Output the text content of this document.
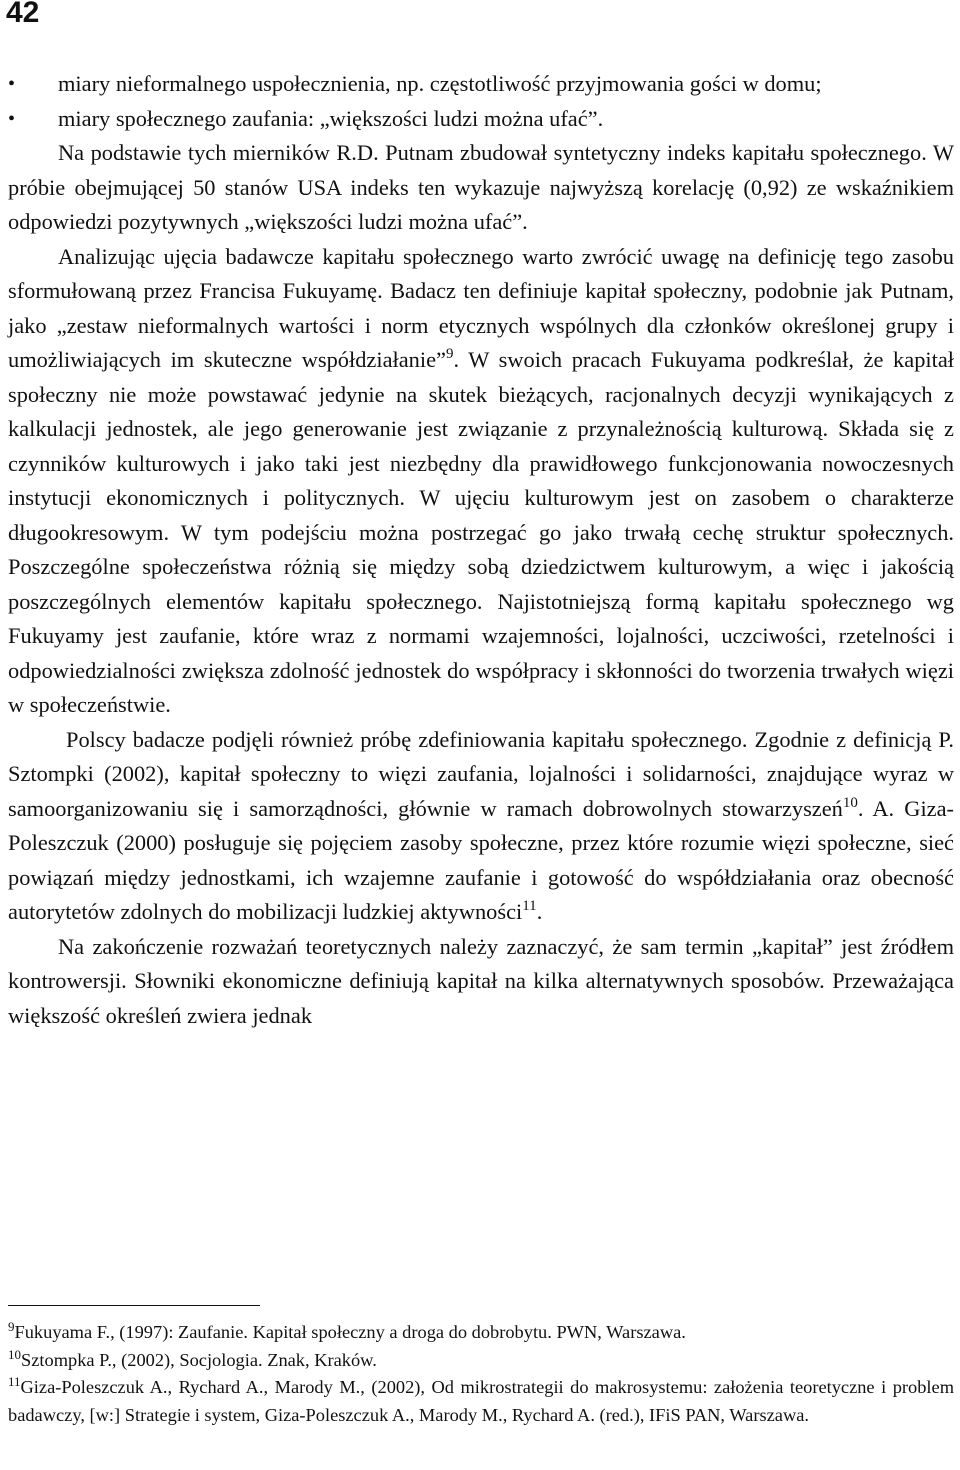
42
• miary nieformalnego uspołecznienia, np. częstotliwość przyjmowania gości w domu;
• miary społecznego zaufania: „większości ludzi można ufać”.

Na podstawie tych mierników R.D. Putnam zbudował syntetyczny indeks kapitału społecznego. W próbie obejmującej 50 stanów USA indeks ten wykazuje najwyższą korelację (0,92) ze wskaźnikiem odpowiedzi pozytywnych „większości ludzi można ufać”.

Analizując ujęcia badawcze kapitału społecznego warto zwrócić uwagę na definicję tego zasobu sformułowaną przez Francisa Fukuyamę. Badacz ten definiuje kapitał społeczny, podobnie jak Putnam, jako „zestaw nieformalnych wartości i norm etycznych wspólnych dla członków określonej grupy i umożliwiających im skuteczne współdziałanie”$^9$. W swoich pracach Fukuyama podkreślał, że kapitał społeczny nie może powstawać jedynie na skutek bieżących, racjonalnych decyzji wynikających z kalkulacji jednostek, ale jego generowanie jest związanie z przynależnością kulturową. Składa się z czynników kulturowych i jako taki jest niezbędny dla prawidłowego funkcjonowania nowoczesnych instytucji ekonomicznych i politycznych. W ujęciu kulturowym jest on zasobem o charakterze długookresowym. W tym podejściu można postrzegać go jako trwałą cechę struktur społecznych. Poszczególne społeczeństwa różnią się między sobą dziedzictwem kulturowym, a więc i jakością poszczególnych elementów kapitału społecznego. Najistotniejszą formą kapitału społecznego wg Fukuyamy jest zaufanie, które wraz z normami wzajemności, lojalności, uczciwości, rzetelności i odpowiedzialności zwiększa zdolność jednostek do współpracy i skłonności do tworzenia trwałych więzi w społeczeństwie.

Polscy badacze podjęli również próbę zdefiniowania kapitału społecznego. Zgodnie z definicją P. Sztompki (2002), kapitał społeczny to więzi zaufania, lojalności i solidarności, znajdujące wyraz w samoorganizowaniu się i samorządności, głównie w ramach dobrowolnych stowarzyszeń$^{10}$. A. Giza-Poleszczuk (2000) posługuje się pojęciem zasoby społeczne, przez które rozumie więzi społeczne, sieć powiązań między jednostkami, ich wzajemne zaufanie i gotowość do współdziałania oraz obecność autorytetów zdolnych do mobilizacji ludzkiej aktywności$^{11}$.

Na zakończenie rozważań teoretycznych należy zaznaczyć, że sam termin „kapitał” jest źródłem kontrowersji. Słowniki ekonomiczne definiują kapitał na kilka alternatywnych sposobów. Przeważająca większość określeń zwiera jednak

$^9$Fukuyama F., (1997): Zaufanie. Kapitał społeczny a droga do dobrobytu. PWN, Warszawa.

$^{10}$Sztompka P., (2002), Socjologia. Znak, Kraków.

$^{11}$Giza-Poleszczuk A., Rychard A., Marody M., (2002), Od mikrostrategii do makrosystemu: założenia teoretyczne i problem badawczy, [w:] Strategie i system, Giza-Poleszczuk A., Marody M., Rychard A. (red.), IFiS PAN, Warszawa.
